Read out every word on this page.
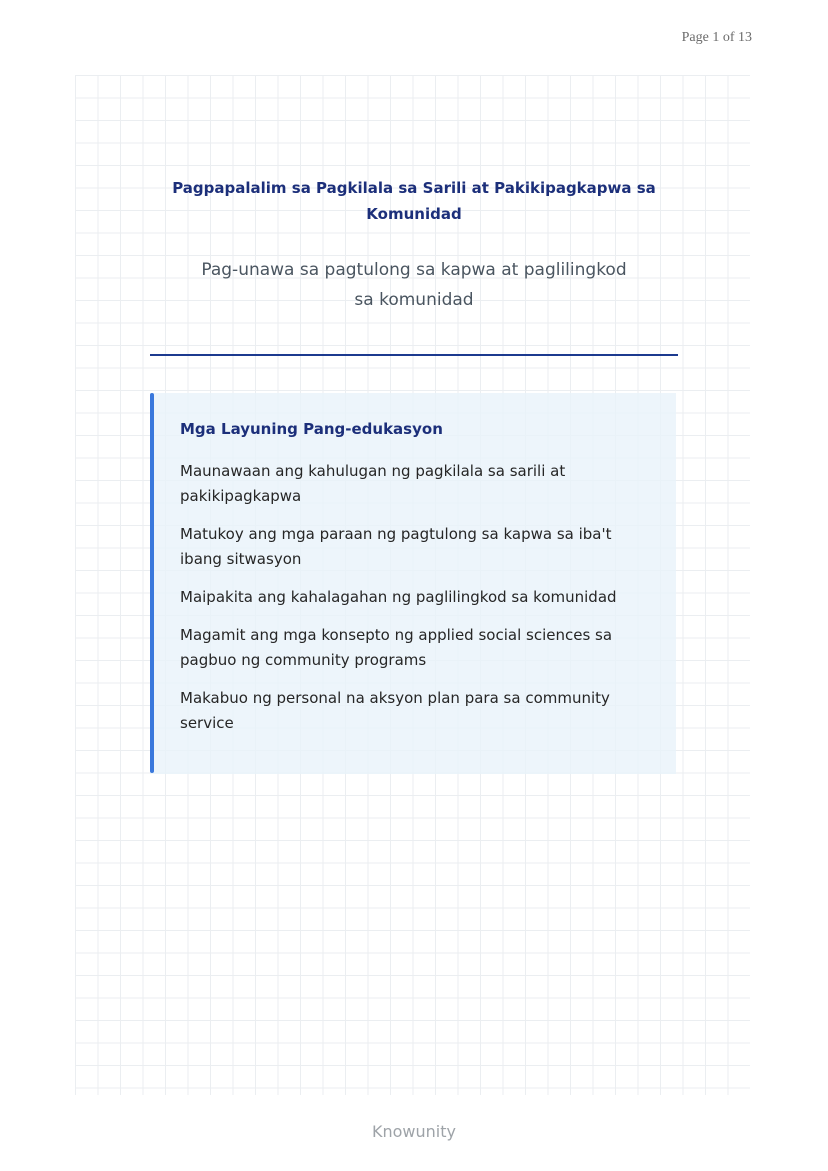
Page 1 of 13
Pagpapalalim sa Pagkilala sa Sarili at Pakikipagkapwa sa Komunidad
Pag-unawa sa pagtulong sa kapwa at paglilingkod sa komunidad
Mga Layuning Pang-edukasyon
Maunawaan ang kahulugan ng pagkilala sa sarili at pakikipagkapwa
Matukoy ang mga paraan ng pagtulong sa kapwa sa iba't ibang sitwasyon
Maipakita ang kahalagahan ng paglilingkod sa komunidad
Magamit ang mga konsepto ng applied social sciences sa pagbuo ng community programs
Makabuo ng personal na aksyon plan para sa community service
Knowunity
